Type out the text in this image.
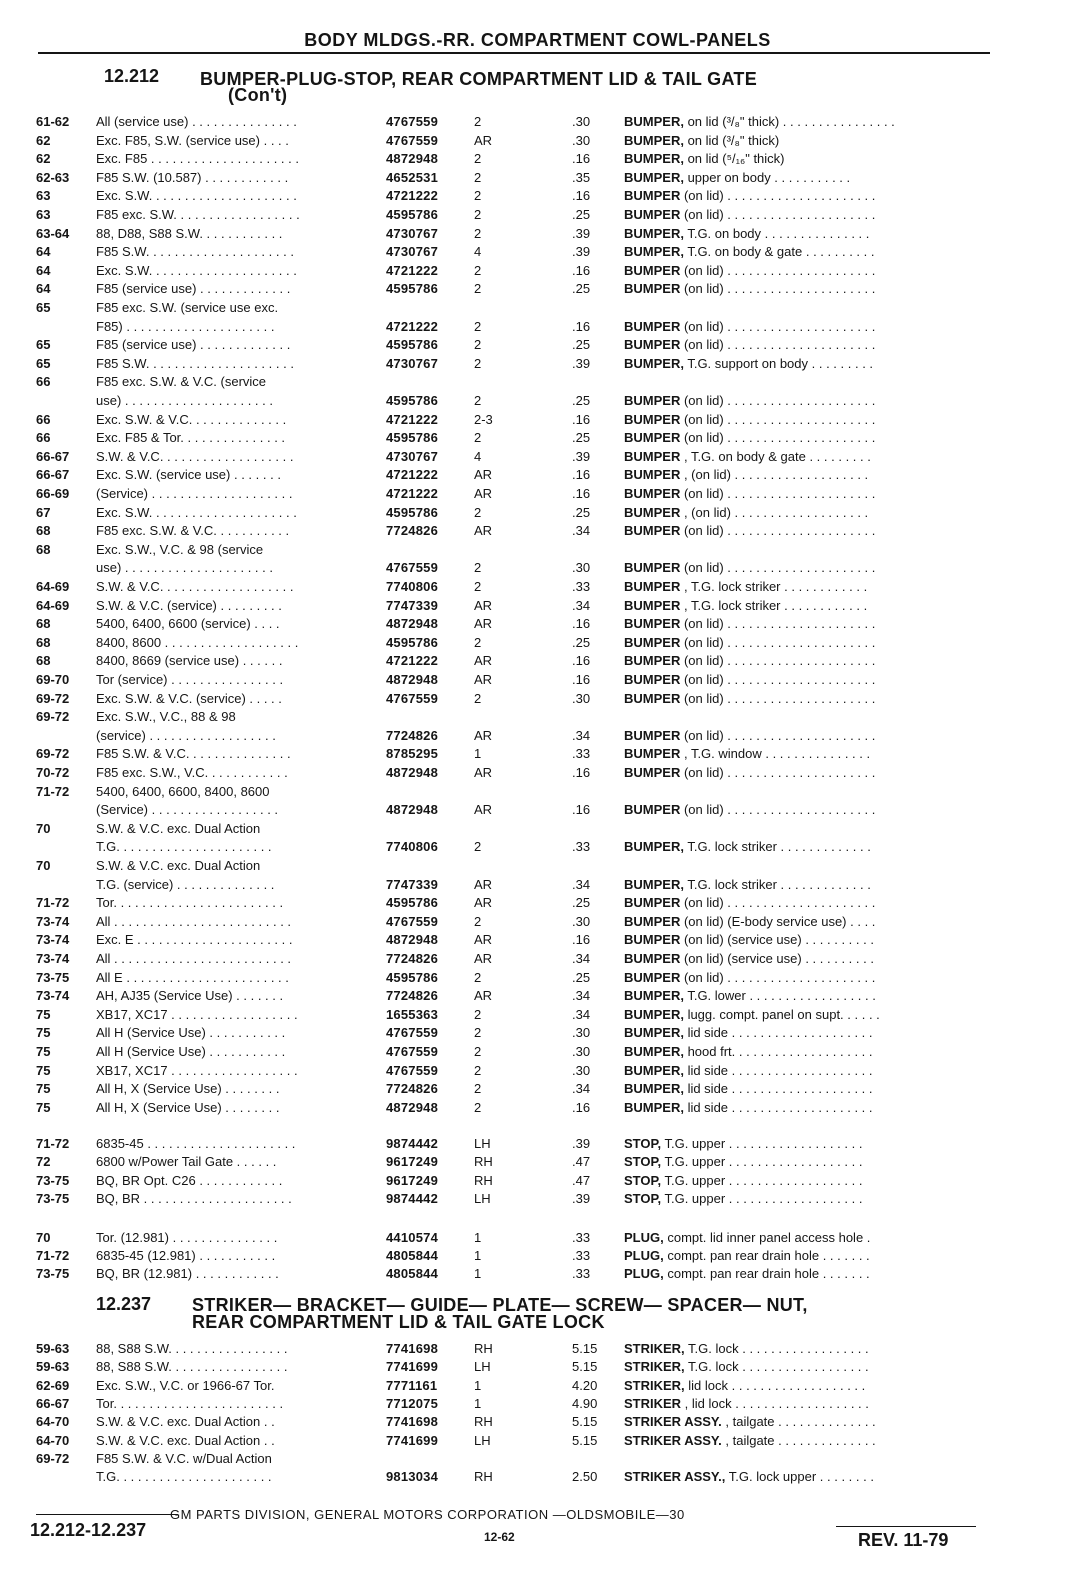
BODY MLDGS.-RR. COMPARTMENT COWL-PANELS
12.212 BUMPER-PLUG-STOP, REAR COMPARTMENT LID & TAIL GATE
(Con't)
61-62	All (service use) . . . . . . . . . . . . . . .	4767559	2	.30	BUMPER, on lid (³/₈" thick) . . . . . . . . . . . . . . . .
62	Exc. F85, S.W. (service use) . . . .	4767559	AR	.30	BUMPER, on lid (³/₈" thick)
62	Exc. F85 . . . . . . . . . . . . . . . . . . . . .	4872948	2	.16	BUMPER, on lid (⁵/₁₆" thick)
62-63	F85 S.W. (10.587) . . . . . . . . . . . .	4652531	2	.35	BUMPER, upper on body . . . . . . . . . . .
63	Exc. S.W. . . . . . . . . . . . . . . . . . . . .	4721222	2	.16	BUMPER (on lid) . . . . . . . . . . . . . . . . . . . . .
63	F85 exc. S.W. . . . . . . . . . . . . . . . . .	4595786	2	.25	BUMPER (on lid) . . . . . . . . . . . . . . . . . . . . .
63-64	88, D88, S88 S.W. . . . . . . . . . . .	4730767	2	.39	BUMPER, T.G. on body . . . . . . . . . . . . . . .
64	F85 S.W. . . . . . . . . . . . . . . . . . . . .	4730767	4	.39	BUMPER, T.G. on body & gate . . . . . . . . . .
64	Exc. S.W. . . . . . . . . . . . . . . . . . . . .	4721222	2	.16	BUMPER (on lid) . . . . . . . . . . . . . . . . . . . . .
64	F85 (service use) . . . . . . . . . . . . .	4595786	2	.25	BUMPER (on lid) . . . . . . . . . . . . . . . . . . . . .
65	F85 exc. S.W. (service use exc.
F85) . . . . . . . . . . . . . . . . . . . . .	4721222	2	.16	BUMPER (on lid) . . . . . . . . . . . . . . . . . . . . .
65	F85 (service use) . . . . . . . . . . . . .	4595786	2	.25	BUMPER (on lid) . . . . . . . . . . . . . . . . . . . . .
65	F85 S.W. . . . . . . . . . . . . . . . . . . . .	4730767	2	.39	BUMPER, T.G. support on body . . . . . . . . .
66	F85 exc. S.W. & V.C. (service
use) . . . . . . . . . . . . . . . . . . . . .	4595786	2	.25	BUMPER (on lid) . . . . . . . . . . . . . . . . . . . . .
66	Exc. S.W. & V.C. . . . . . . . . . . . . .	4721222	2-3	.16	BUMPER (on lid) . . . . . . . . . . . . . . . . . . . . .
66	Exc. F85 & Tor. . . . . . . . . . . . . . .	4595786	2	.25	BUMPER (on lid) . . . . . . . . . . . . . . . . . . . . .
66-67	S.W. & V.C. . . . . . . . . . . . . . . . . . .	4730767	4	.39	BUMPER , T.G. on body & gate . . . . . . . . .
66-67	Exc. S.W. (service use) . . . . . . .	4721222	AR	.16	BUMPER , (on lid) . . . . . . . . . . . . . . . . . . .
66-69	(Service) . . . . . . . . . . . . . . . . . . . .	4721222	AR	.16	BUMPER (on lid) . . . . . . . . . . . . . . . . . . . . .
67	Exc. S.W. . . . . . . . . . . . . . . . . . . . .	4595786	2	.25	BUMPER , (on lid) . . . . . . . . . . . . . . . . . . .
68	F85 exc. S.W. & V.C. . . . . . . . . . .	7724826	AR	.34	BUMPER (on lid) . . . . . . . . . . . . . . . . . . . . .
68	Exc. S.W., V.C. & 98 (service
use) . . . . . . . . . . . . . . . . . . . . .	4767559	2	.30	BUMPER (on lid) . . . . . . . . . . . . . . . . . . . . .
64-69	S.W. & V.C. . . . . . . . . . . . . . . . . . .	7740806	2	.33	BUMPER , T.G. lock striker . . . . . . . . . . . .
64-69	S.W. & V.C. (service) . . . . . . . . .	7747339	AR	.34	BUMPER , T.G. lock striker . . . . . . . . . . . .
68	5400, 6400, 6600 (service) . . . .	4872948	AR	.16	BUMPER (on lid) . . . . . . . . . . . . . . . . . . . . .
68	8400, 8600 . . . . . . . . . . . . . . . . . . .	4595786	2	.25	BUMPER (on lid) . . . . . . . . . . . . . . . . . . . . .
68	8400, 8669 (service use) . . . . . .	4721222	AR	.16	BUMPER (on lid) . . . . . . . . . . . . . . . . . . . . .
69-70	Tor (service) . . . . . . . . . . . . . . . .	4872948	AR	.16	BUMPER (on lid) . . . . . . . . . . . . . . . . . . . . .
69-72	Exc. S.W. & V.C. (service) . . . . .	4767559	2	.30	BUMPER (on lid) . . . . . . . . . . . . . . . . . . . . .
69-72	Exc. S.W., V.C., 88 & 98
(service) . . . . . . . . . . . . . . . . . .	7724826	AR	.34	BUMPER (on lid) . . . . . . . . . . . . . . . . . . . . .
69-72	F85 S.W. & V.C. . . . . . . . . . . . . . .	8785295	1	.33	BUMPER , T.G. window . . . . . . . . . . . . . . .
70-72	F85 exc. S.W., V.C. . . . . . . . . . . .	4872948	AR	.16	BUMPER (on lid) . . . . . . . . . . . . . . . . . . . . .
71-72	5400, 6400, 6600, 8400, 8600
(Service) . . . . . . . . . . . . . . . . . .	4872948	AR	.16	BUMPER (on lid) . . . . . . . . . . . . . . . . . . . . .
70	S.W. & V.C. exc. Dual Action
T.G. . . . . . . . . . . . . . . . . . . . . .	7740806	2	.33	BUMPER, T.G. lock striker . . . . . . . . . . . . .
70	S.W. & V.C. exc. Dual Action
T.G. (service) . . . . . . . . . . . . . .	7747339	AR	.34	BUMPER, T.G. lock striker . . . . . . . . . . . . .
71-72	Tor. . . . . . . . . . . . . . . . . . . . . . . .	4595786	AR	.25	BUMPER (on lid) . . . . . . . . . . . . . . . . . . . . .
73-74	All . . . . . . . . . . . . . . . . . . . . . . . . .	4767559	2	.30	BUMPER (on lid) (E-body service use) . . . .
73-74	Exc. E . . . . . . . . . . . . . . . . . . . . . .	4872948	AR	.16	BUMPER (on lid) (service use) . . . . . . . . . .
73-74	All . . . . . . . . . . . . . . . . . . . . . . . . .	7724826	AR	.34	BUMPER (on lid) (service use) . . . . . . . . . .
73-75	All E . . . . . . . . . . . . . . . . . . . . . . .	4595786	2	.25	BUMPER (on lid) . . . . . . . . . . . . . . . . . . . . .
73-74	AH, AJ35 (Service Use) . . . . . . .	7724826	AR	.34	BUMPER, T.G. lower . . . . . . . . . . . . . . . . . .
75	XB17, XC17 . . . . . . . . . . . . . . . . . .	1655363	2	.34	BUMPER, lugg. compt. panel on supt. . . . . .
75	All H (Service Use) . . . . . . . . . . .	4767559	2	.30	BUMPER, lid side . . . . . . . . . . . . . . . . . . . .
75	All H (Service Use) . . . . . . . . . . .	4767559	2	.30	BUMPER, hood frt. . . . . . . . . . . . . . . . . . . .
75	XB17, XC17 . . . . . . . . . . . . . . . . . .	4767559	2	.30	BUMPER, lid side . . . . . . . . . . . . . . . . . . . .
75	All H, X (Service Use) . . . . . . . .	7724826	2	.34	BUMPER, lid side . . . . . . . . . . . . . . . . . . . .
75	All H, X (Service Use) . . . . . . . .	4872948	2	.16	BUMPER, lid side . . . . . . . . . . . . . . . . . . . .
71-72	6835-45 . . . . . . . . . . . . . . . . . . . . .	9874442	LH	.39	STOP, T.G. upper . . . . . . . . . . . . . . . . . . .
72	6800 w/Power Tail Gate . . . . . .	9617249	RH	.47	STOP, T.G. upper . . . . . . . . . . . . . . . . . . .
73-75	BQ, BR Opt. C26 . . . . . . . . . . . .	9617249	RH	.47	STOP, T.G. upper . . . . . . . . . . . . . . . . . . .
73-75	BQ, BR . . . . . . . . . . . . . . . . . . . . .	9874442	LH	.39	STOP, T.G. upper . . . . . . . . . . . . . . . . . . .
70	Tor. (12.981) . . . . . . . . . . . . . . .	4410574	1	.33	PLUG, compt. lid inner panel access hole .
71-72	6835-45 (12.981) . . . . . . . . . . .	4805844	1	.33	PLUG, compt. pan rear drain hole . . . . . . .
73-75	BQ, BR (12.981) . . . . . . . . . . . .	4805844	1	.33	PLUG, compt. pan rear drain hole . . . . . . .
12.237 STRIKER— BRACKET— GUIDE— PLATE— SCREW— SPACER— NUT,
REAR COMPARTMENT LID & TAIL GATE LOCK
59-63	88, S88 S.W. . . . . . . . . . . . . . . . .	7741698	RH	5.15	STRIKER, T.G. lock . . . . . . . . . . . . . . . . . .
59-63	88, S88 S.W. . . . . . . . . . . . . . . . .	7741699	LH	5.15	STRIKER, T.G. lock . . . . . . . . . . . . . . . . . .
62-69	Exc. S.W., V.C. or 1966-67 Tor.	7771161	1	4.20	STRIKER, lid lock . . . . . . . . . . . . . . . . . . .
66-67	Tor. . . . . . . . . . . . . . . . . . . . . . . .	7712075	1	4.90	STRIKER , lid lock . . . . . . . . . . . . . . . . . . .
64-70	S.W. & V.C. exc. Dual Action . .	7741698	RH	5.15	STRIKER ASSY. , tailgate . . . . . . . . . . . . . .
64-70	S.W. & V.C. exc. Dual Action . .	7741699	LH	5.15	STRIKER ASSY. , tailgate . . . . . . . . . . . . . .
69-72	F85 S.W. & V.C. w/Dual Action
T.G. . . . . . . . . . . . . . . . . . . . . .	9813034	RH	2.50	STRIKER ASSY., T.G. lock upper . . . . . . . .
GM PARTS DIVISION, GENERAL MOTORS CORPORATION —OLDSMOBILE—30
12.212-12.237	12-62	REV. 11-79
